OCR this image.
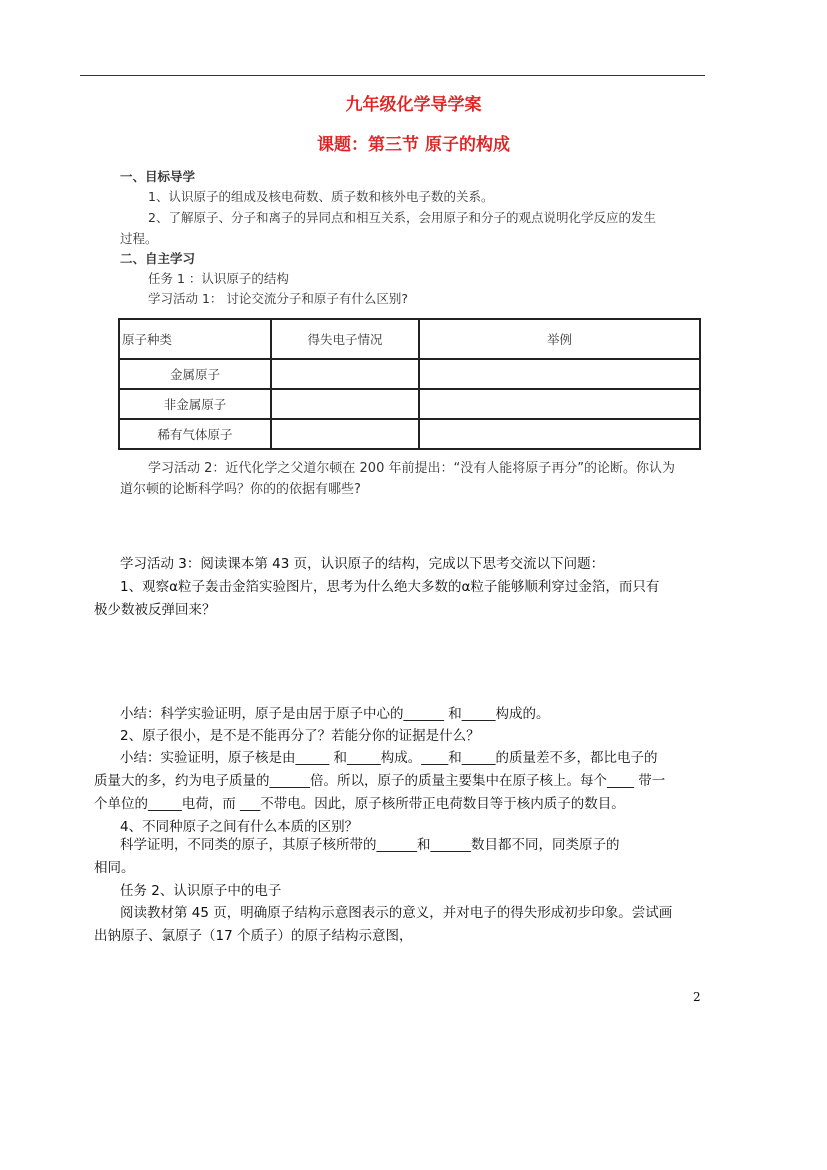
九年级化学导学案
课题：第三节 原子的构成
一、目标导学
1、认识原子的组成及核电荷数、质子数和核外电子数的关系。
2、了解原子、分子和离子的异同点和相互关系，会用原子和分子的观点说明化学反应的发生
过程。
二、自主学习
任务 1 ：认识原子的结构
学习活动 1： 讨论交流分子和原子有什么区别?
原子种类	得失电子情况	举例
金属原子		
非金属原子		
稀有气体原子		
学习活动 2：近代化学之父道尔顿在 200 年前提出：“没有人能将原子再分”的论断。你认为
道尔顿的论断科学吗？你的的依据有哪些?
学习活动 3：阅读课本第 43 页，认识原子的结构，完成以下思考交流以下问题：
1、观察α粒子轰击金箔实验图片，思考为什么绝大多数的α粒子能够顺利穿过金箔，而只有
极少数被反弹回来？
小结：科学实验证明，原子是由居于原子中心的______ 和_____构成的。
2、原子很小，是不是不能再分了？若能分你的证据是什么？
小结：实验证明，原子核是由_____ 和_____构成。____和_____的质量差不多，都比电子的
质量大的多，约为电子质量的______倍。所以，原子的质量主要集中在原子核上。每个____ 带一
个单位的_____电荷，而 ___不带电。因此，原子核所带正电荷数目等于核内质子的数目。
4、不同种原子之间有什么本质的区别？
科学证明，不同类的原子，其原子核所带的______和______数目都不同，同类原子的
相同。
任务 2、认识原子中的电子
阅读教材第 45 页，明确原子结构示意图表示的意义，并对电子的得失形成初步印象。尝试画
出钠原子、氯原子（17 个质子）的原子结构示意图，
2
